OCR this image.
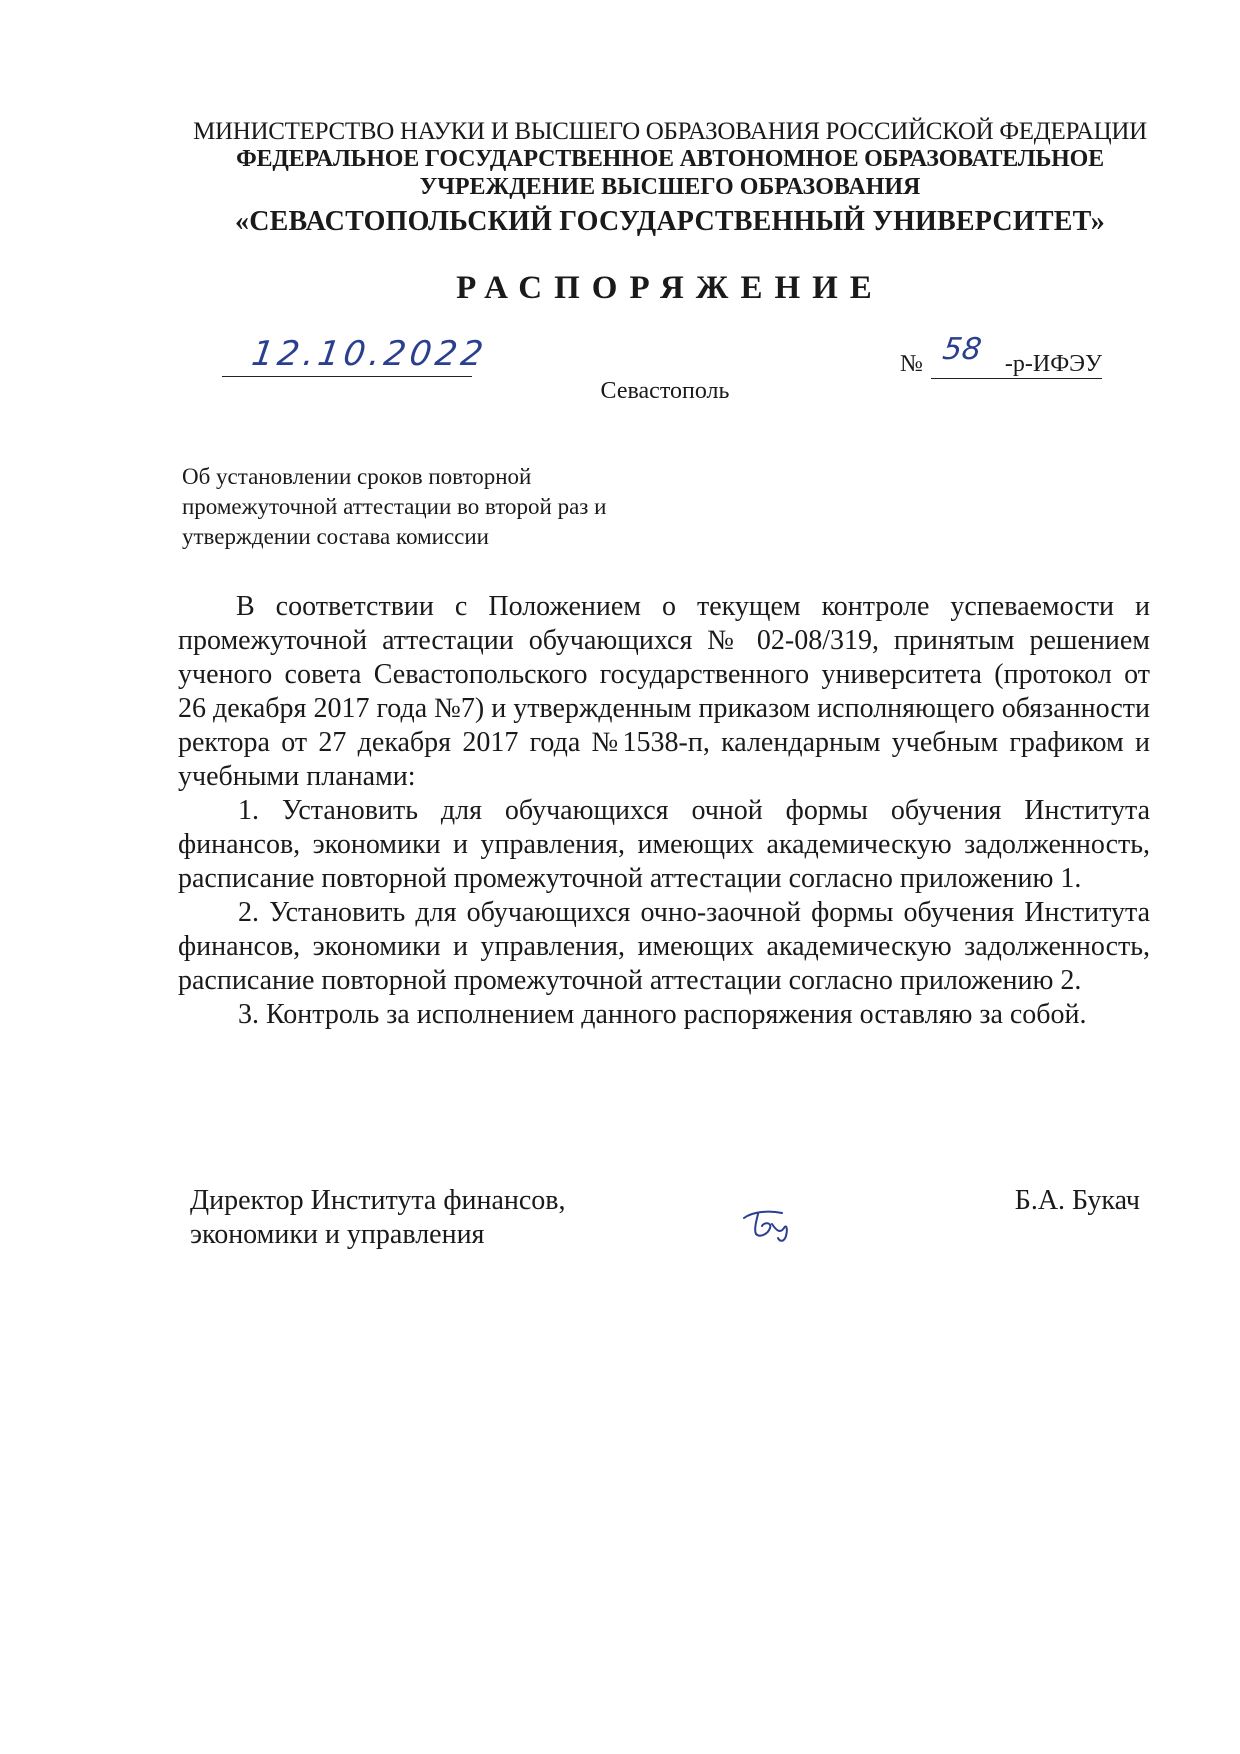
МИНИСТЕРСТВО НАУКИ И ВЫСШЕГО ОБРАЗОВАНИЯ РОССИЙСКОЙ ФЕДЕРАЦИИ
ФЕДЕРАЛЬНОЕ ГОСУДАРСТВЕННОЕ АВТОНОМНОЕ ОБРАЗОВАТЕЛЬНОЕ
УЧРЕЖДЕНИЕ ВЫСШЕГО ОБРАЗОВАНИЯ
«СЕВАСТОПОЛЬСКИЙ ГОСУДАРСТВЕННЫЙ УНИВЕРСИТЕТ»
РАСПОРЯЖЕНИЕ
12.10.2022	№ 58 -р-ИФЭУ
Севастополь
Об установлении сроков повторной промежуточной аттестации во второй раз и утверждении состава комиссии

В соответствии с Положением о текущем контроле успеваемости и промежуточной аттестации обучающихся № 02-08/319, принятым решением ученого совета Севастопольского государственного университета (протокол от 26 декабря 2017 года №7) и утвержденным приказом исполняющего обязанности ректора от 27 декабря 2017 года №1538-п, календарным учебным графиком и учебными планами:

1. Установить для обучающихся очной формы обучения Института финансов, экономики и управления, имеющих академическую задолженность, расписание повторной промежуточной аттестации согласно приложению 1.

2. Установить для обучающихся очно-заочной формы обучения Института финансов, экономики и управления, имеющих академическую задолженность, расписание повторной промежуточной аттестации согласно приложению 2.

3. Контроль за исполнением данного распоряжения оставляю за собой.

Директор Института финансов,
экономики и управления
Б.А. Букач
